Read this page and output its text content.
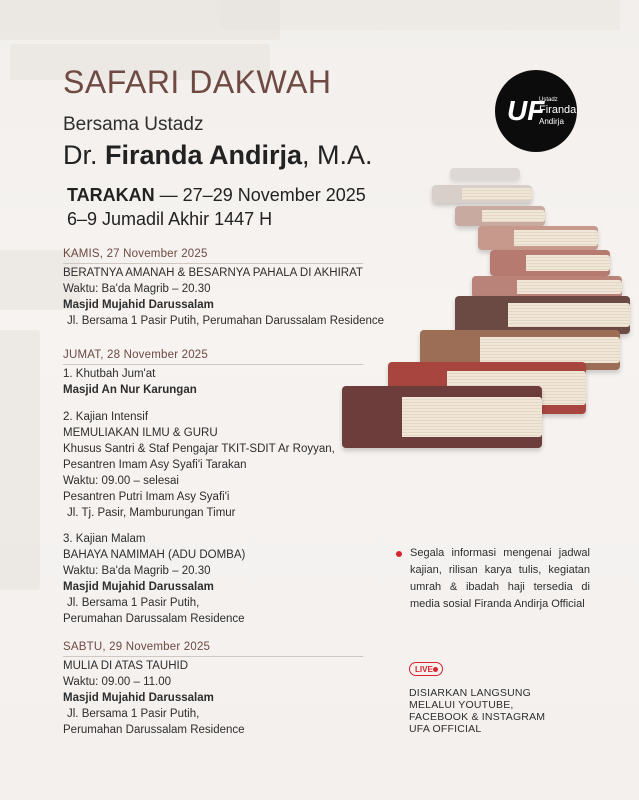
SAFARI DAKWAH
Bersama Ustadz
Dr. Firanda Andirja, M.A.
TARAKAN — 27–29 November 2025
6–9 Jumadil Akhir 1447 H
UF
Ustadz
Firanda
Andirja
KAMIS, 27 November 2025
BERATNYA AMANAH & BESARNYA PAHALA DI AKHIRAT
Waktu: Ba'da Magrib – 20.30
Masjid Mujahid Darussalam
Jl. Bersama 1 Pasir Putih, Perumahan Darussalam Residence
JUMAT, 28 November 2025
1. Khutbah Jum'at
Masjid An Nur Karungan
2. Kajian Intensif
MEMULIAKAN ILMU & GURU
Khusus Santri & Staf Pengajar TKIT-SDIT Ar Royyan,
Pesantren Imam Asy Syafi'i Tarakan
Waktu: 09.00 – selesai
Pesantren Putri Imam Asy Syafi'i
Jl. Tj. Pasir, Mamburungan Timur
3. Kajian Malam
BAHAYA NAMIMAH (ADU DOMBA)
Waktu: Ba'da Magrib – 20.30
Masjid Mujahid Darussalam
Jl. Bersama 1 Pasir Putih,
Perumahan Darussalam Residence
SABTU, 29 November 2025
MULIA DI ATAS TAUHID
Waktu: 09.00 – 11.00
Masjid Mujahid Darussalam
Jl. Bersama 1 Pasir Putih,
Perumahan Darussalam Residence
Segala informasi mengenai jadwal kajian, rilisan karya tulis, kegiatan umrah & ibadah haji tersedia di media sosial Firanda Andirja Official
LIVE
DISIARKAN LANGSUNG
MELALUI YOUTUBE,
FACEBOOK & INSTAGRAM
UFA OFFICIAL
